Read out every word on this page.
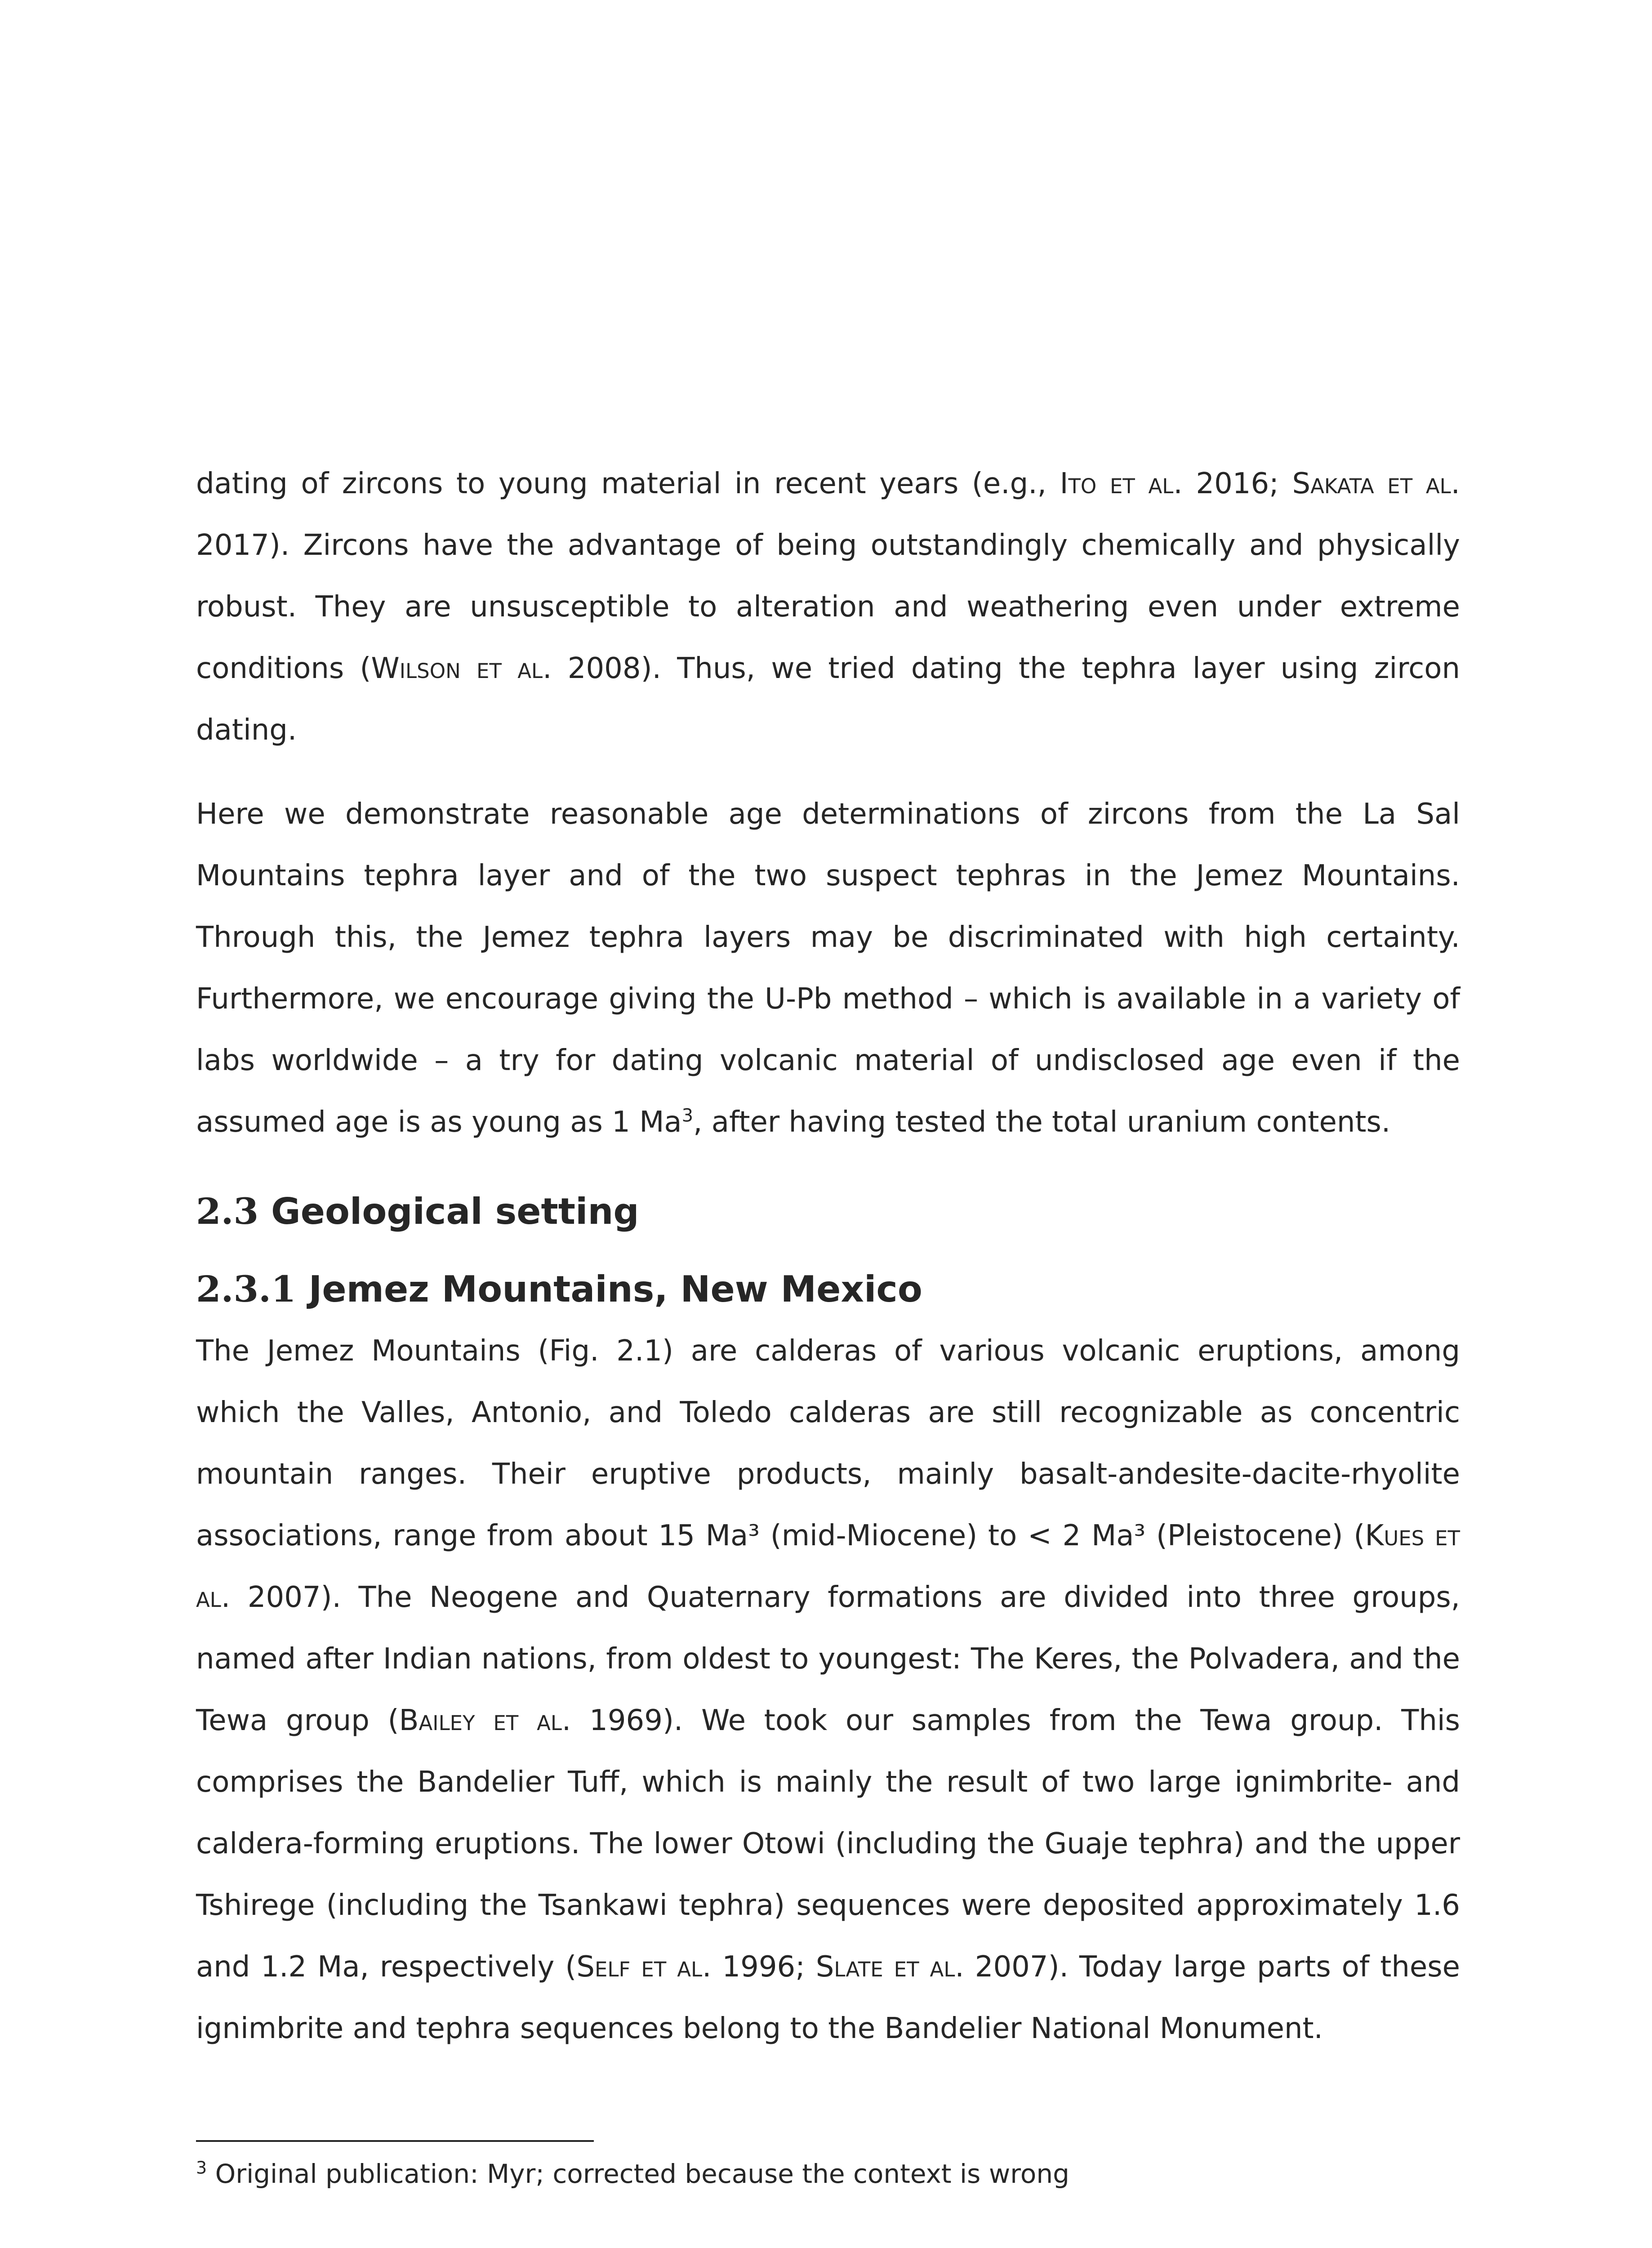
dating of zircons to young material in recent years (e.g., Ito et al. 2016; Sakata et al. 2017). Zircons have the advantage of being outstandingly chemically and physically robust. They are unsusceptible to alteration and weathering even under extreme conditions (Wilson et al. 2008). Thus, we tried dating the tephra layer using zircon dating.

Here we demonstrate reasonable age determinations of zircons from the La Sal Mountains tephra layer and of the two suspect tephras in the Jemez Mountains. Through this, the Jemez tephra layers may be discriminated with high certainty. Furthermore, we encourage giving the U-Pb method – which is available in a variety of labs worldwide – a try for dating volcanic material of undisclosed age even if the assumed age is as young as 1 Ma$^3$, after having tested the total uranium contents.

2.3 Geological setting
2.3.1 Jemez Mountains, New Mexico

The Jemez Mountains (Fig. 2.1) are calderas of various volcanic eruptions, among which the Valles, Antonio, and Toledo calderas are still recognizable as concentric mountain ranges. Their eruptive products, mainly basalt-andesite-dacite-rhyolite associations, range from about 15 Ma³ (mid-Miocene) to < 2 Ma³ (Pleistocene) (Kues et al. 2007). The Neogene and Quaternary formations are divided into three groups, named after Indian nations, from oldest to youngest: The Keres, the Polvadera, and the Tewa group (Bailey et al. 1969). We took our samples from the Tewa group. This comprises the Bandelier Tuff, which is mainly the result of two large ignimbrite- and caldera-forming eruptions. The lower Otowi (including the Guaje tephra) and the upper Tshirege (including the Tsankawi tephra) sequences were deposited approximately 1.6 and 1.2 Ma, respectively (Self et al. 1996; Slate et al. 2007). Today large parts of these ignimbrite and tephra sequences belong to the Bandelier National Monument.

$^3$ Original publication: Myr; corrected because the context is wrong
